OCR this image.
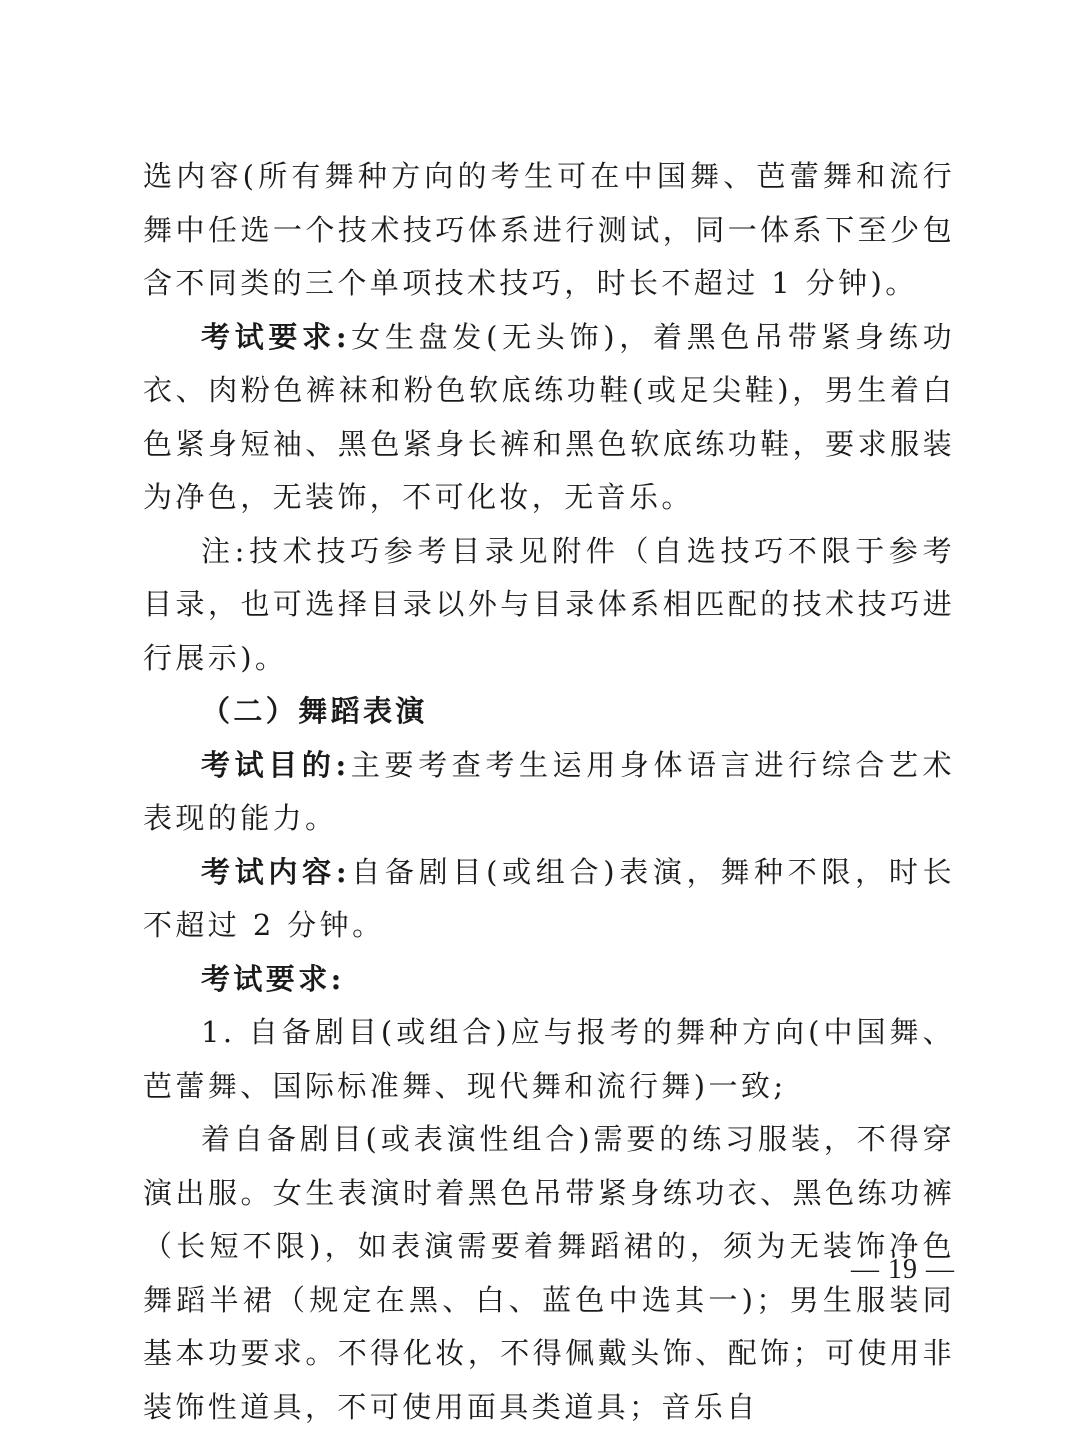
选内容(所有舞种方向的考生可在中国舞、芭蕾舞和流行舞中任选一个技术技巧体系进行测试，同一体系下至少包含不同类的三个单项技术技巧，时长不超过 1 分钟)。

考试要求:女生盘发(无头饰)，着黑色吊带紧身练功衣、肉粉色裤袜和粉色软底练功鞋(或足尖鞋)，男生着白色紧身短袖、黑色紧身长裤和黑色软底练功鞋，要求服装为净色，无装饰，不可化妆，无音乐。

注:技术技巧参考目录见附件（自选技巧不限于参考目录，也可选择目录以外与目录体系相匹配的技术技巧进行展示)。

（二）舞蹈表演

考试目的:主要考查考生运用身体语言进行综合艺术表现的能力。

考试内容:自备剧目(或组合)表演，舞种不限，时长不超过 2 分钟。

考试要求:

1. 自备剧目(或组合)应与报考的舞种方向(中国舞、芭蕾舞、国际标准舞、现代舞和流行舞)一致;

着自备剧目(或表演性组合)需要的练习服装，不得穿演出服。女生表演时着黑色吊带紧身练功衣、黑色练功裤（长短不限)，如表演需要着舞蹈裙的，须为无装饰净色舞蹈半裙（规定在黑、白、蓝色中选其一)；男生服装同基本功要求。不得化妆，不得佩戴头饰、配饰；可使用非装饰性道具，不可使用面具类道具；音乐自

— 19 —
